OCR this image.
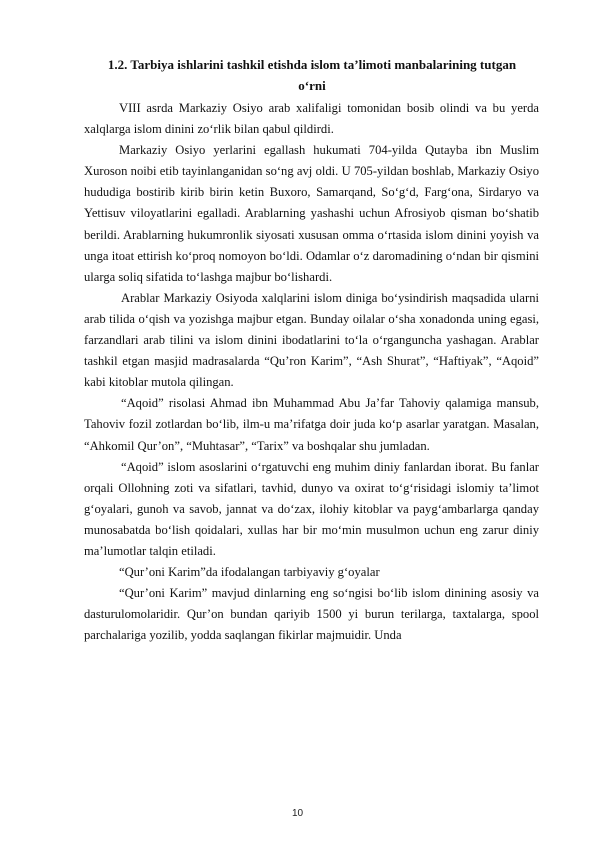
1.2. Tarbiya ishlarini tashkil etishda islom ta’limoti manbalarining tutgan
o‘rni

VIII asrda Markaziy Osiyo arab xalifaligi tomonidan bosib olindi va bu yerda xalqlarga islom dinini zo‘rlik bilan qabul qildirdi.

Markaziy Osiyo yerlarini egallash hukumati 704-yilda Qutayba ibn Muslim Xuroson noibi etib tayinlanganidan so‘ng avj oldi. U 705-yildan boshlab, Markaziy Osiyo hududiga bostirib kirib birin ketin Buxoro, Samarqand, So‘g‘d, Farg‘ona, Sirdaryo va Yettisuv viloyatlarini egalladi. Arablarning yashashi uchun Afrosiyob qisman bo‘shatib berildi. Arablarning hukumronlik siyosati xususan omma o‘rtasida islom dinini yoyish va unga itoat ettirish ko‘proq nomoyon bo‘ldi. Odamlar o‘z daromadining o‘ndan bir qismini ularga soliq sifatida to‘lashga majbur bo‘lishardi.

Arablar Markaziy Osiyoda xalqlarini islom diniga bo‘ysindirish maqsadida ularni arab tilida o‘qish va yozishga majbur etgan. Bunday oilalar o‘sha xonadonda uning egasi, farzandlari arab tilini va islom dinini ibodatlarini to‘la o‘rganguncha yashagan. Arablar tashkil etgan masjid madrasalarda “Qu’ron Karim”, “Ash Shurat”, “Haftiyak”, “Aqoid” kabi kitoblar mutola qilingan.

“Aqoid” risolasi Ahmad ibn Muhammad Abu Ja’far Tahoviy qalamiga mansub, Tahoviv fozil zotlardan bo‘lib, ilm-u ma’rifatga doir juda ko‘p asarlar yaratgan. Masalan, “Ahkomil Qur’on”, “Muhtasar”, “Tarix” va boshqalar shu jumladan.

“Aqoid” islom asoslarini o‘rgatuvchi eng muhim diniy fanlardan iborat. Bu fanlar orqali Ollohning zoti va sifatlari, tavhid, dunyo va oxirat to‘g‘risidagi islomiy ta’limot g‘oyalari, gunoh va savob, jannat va do‘zax, ilohiy kitoblar va payg‘ambarlarga qanday munosabatda bo‘lish qoidalari, xullas har bir mo‘min musulmon uchun eng zarur diniy ma’lumotlar talqin etiladi.

“Qur’oni Karim”da ifodalangan tarbiyaviy g‘oyalar

“Qur’oni Karim” mavjud dinlarning eng so‘ngisi bo‘lib islom dinining asosiy va dasturulomolaridir. Qur’on bundan qariyib 1500 yi burun terilarga, taxtalarga, spool parchalariga yozilib, yodda saqlangan fikirlar majmuidir. Unda

10
